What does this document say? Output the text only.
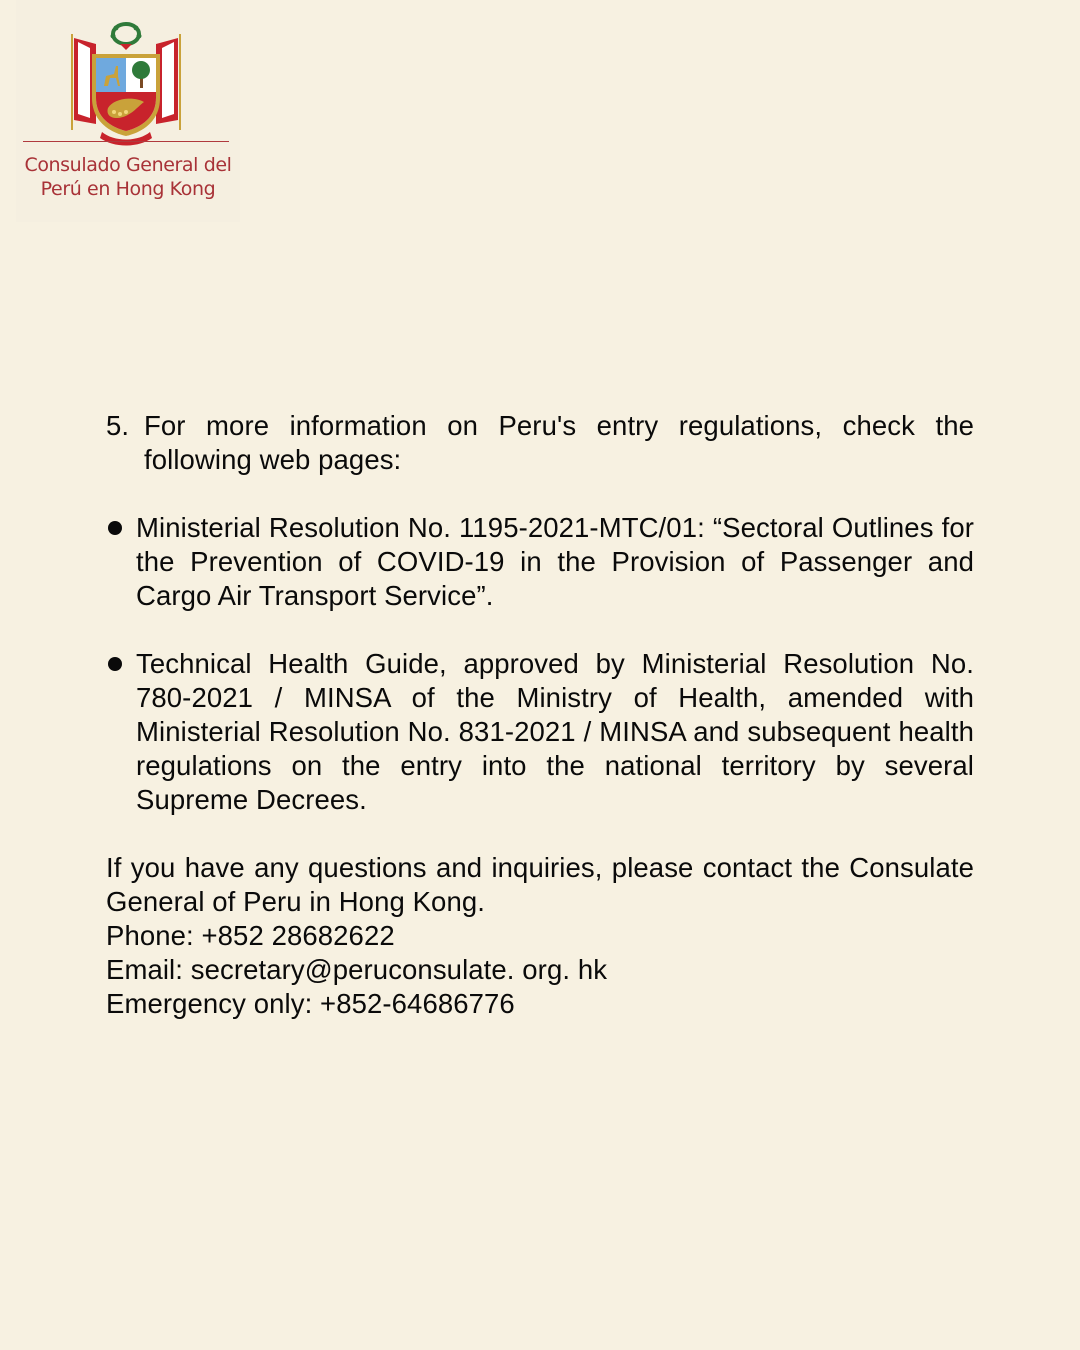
Consulado General del
Perú en Hong Kong
5. For more information on Peru's entry regulations, check the following web pages:
Ministerial Resolution No. 1195-2021-MTC/01: “Sectoral Outlines for the Prevention of COVID-19 in the Provision of Passenger and Cargo Air Transport Service”.
Technical Health Guide, approved by Ministerial Resolution No. 780-2021 / MINSA of the Ministry of Health, amended with Ministerial Resolution No. 831-2021 / MINSA and subsequent health regulations on the entry into the national territory by several Supreme Decrees.
If you have any questions and inquiries, please contact the Consulate General of Peru in Hong Kong.
Phone: +852 28682622
Email: secretary@peruconsulate. org. hk
Emergency only: +852-64686776
